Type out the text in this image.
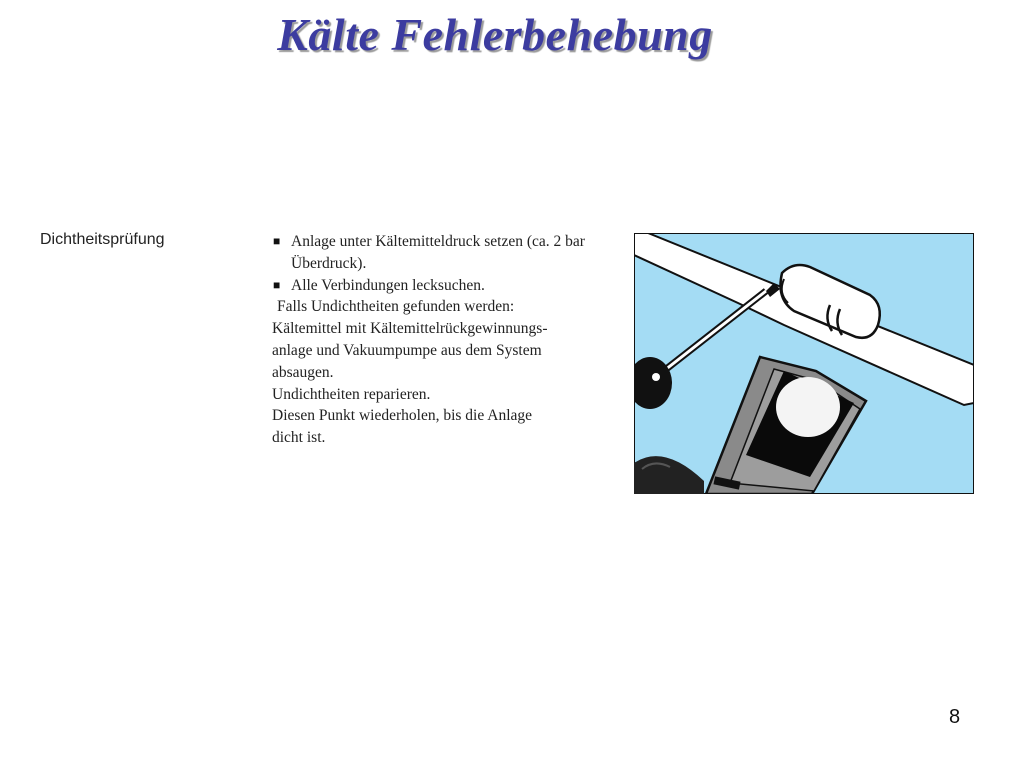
Kälte Fehlerbehebung
Dichtheitsprüfung	■ Anlage unter Kältemitteldruck setzen (ca. 2 bar Überdruck).
■ Alle Verbindungen lecksuchen.
Falls Undichtheiten gefunden werden:
Kältemittel mit Kältemittelrückgewinnungs-
anlage und Vakuumpumpe aus dem System
absaugen.
Undichtheiten reparieren.
Diesen Punkt wiederholen, bis die Anlage
dicht ist.
8
